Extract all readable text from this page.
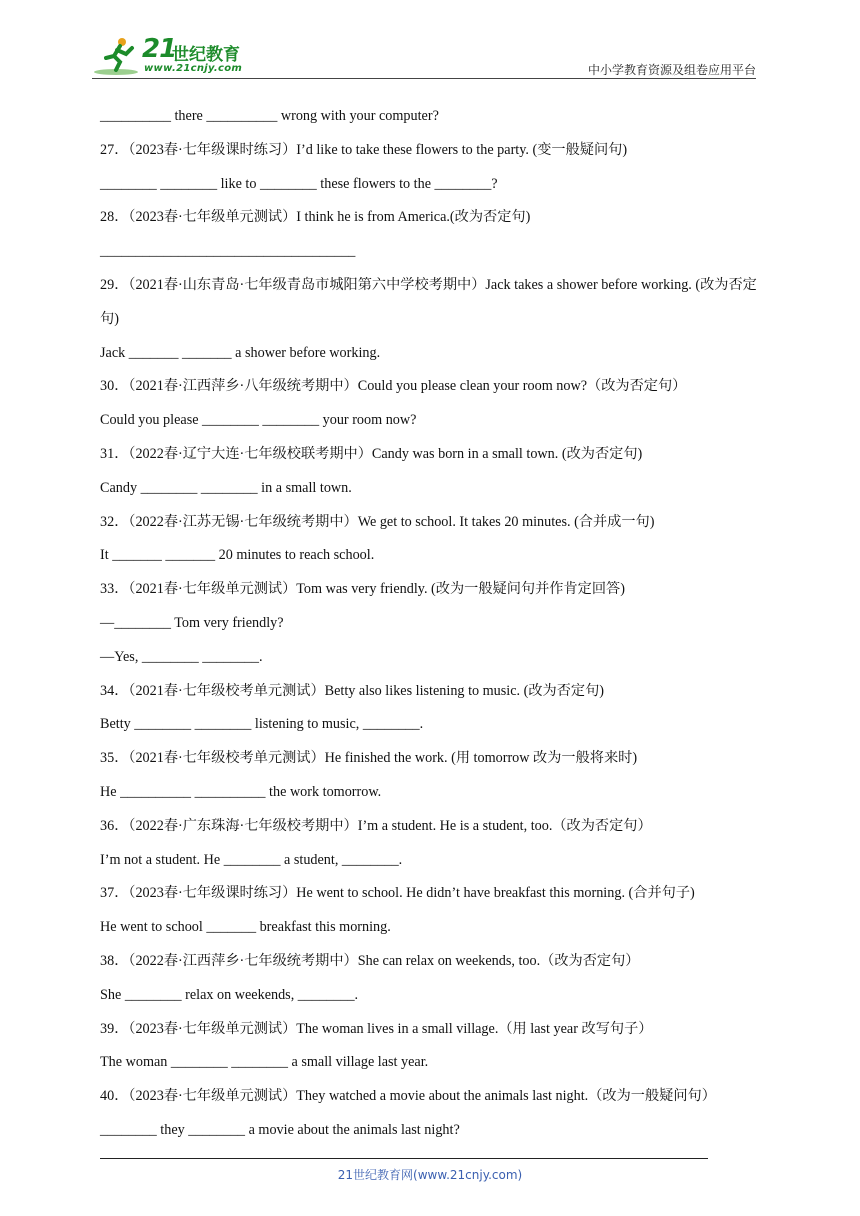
21
世纪教育
www.21cnjy.com	中小学教育资源及组卷应用平台
__________ there __________ wrong with your computer?
27．（2023春·七年级课时练习）I’d like to take these flowers to the party. (变一般疑问句)
________ ________ like to ________ these flowers to the ________?
28．（2023春·七年级单元测试）I think he is from America.(改为否定句)
____________________________________
29．（2021春·山东青岛·七年级青岛市城阳第六中学校考期中）Jack takes a shower before working. (改为否定句)
Jack _______ _______ a shower before working.
30．（2021春·江西萍乡·八年级统考期中）Could you please clean your room now?（改为否定句）
Could you please ________ ________ your room now?
31．（2022春·辽宁大连·七年级校联考期中）Candy was born in a small town. (改为否定句)
Candy ________ ________ in a small town.
32．（2022春·江苏无锡·七年级统考期中）We get to school. It takes 20 minutes. (合并成一句)
It _______ _______ 20 minutes to reach school.
33．（2021春·七年级单元测试）Tom was very friendly. (改为一般疑问句并作肯定回答)
—________ Tom very friendly?
—Yes, ________ ________.
34．（2021春·七年级校考单元测试）Betty also likes listening to music. (改为否定句)
Betty ________ ________ listening to music, ________.
35．（2021春·七年级校考单元测试）He finished the work. (用 tomorrow 改为一般将来时)
He __________ __________ the work tomorrow.
36．（2022春·广东珠海·七年级校考期中）I’m a student. He is a student, too.（改为否定句）
I’m not a student. He ________ a student, ________.
37．（2023春·七年级课时练习）He went to school. He didn’t have breakfast this morning. (合并句子)
He went to school _______ breakfast this morning.
38．（2022春·江西萍乡·七年级统考期中）She can relax on weekends, too.（改为否定句）
She ________ relax on weekends, ________.
39．（2023春·七年级单元测试）The woman lives in a small village.（用 last year 改写句子）
The woman ________ ________ a small village last year.
40．（2023春·七年级单元测试）They watched a movie about the animals last night.（改为一般疑问句）
________ they ________ a movie about the animals last night?
21世纪教育网(www.21cnjy.com)
